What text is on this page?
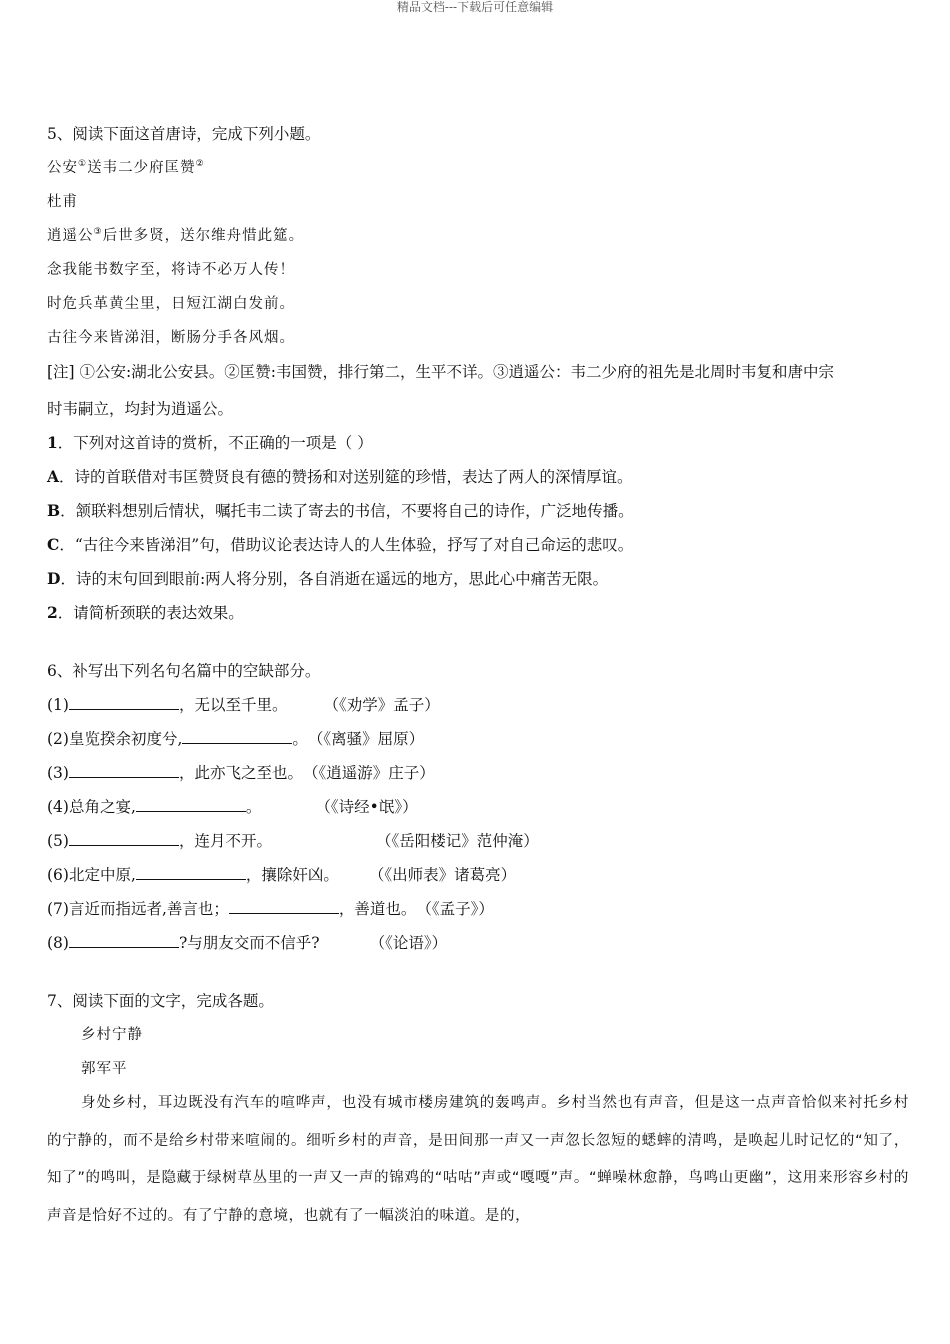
精品文档---下载后可任意编辑

5、阅读下面这首唐诗，完成下列小题。

公安①送韦二少府匡赞②

杜甫

逍遥公③后世多贤，送尔维舟惜此筵。

念我能书数字至，将诗不必万人传！

时危兵革黄尘里，日短江湖白发前。

古往今来皆涕泪，断肠分手各风烟。

[注] ①公安:湖北公安县。②匡赞:韦国赞，排行第二，生平不详。③逍遥公：韦二少府的祖先是北周时韦复和唐中宗

时韦嗣立，均封为逍遥公。

1．下列对这首诗的赏析，不正确的一项是（ ）

A．诗的首联借对韦匡赞贤良有德的赞扬和对送别筵的珍惜，表达了两人的深情厚谊。

B．颔联料想别后情状，嘱托韦二读了寄去的书信，不要将自己的诗作，广泛地传播。

C．“古往今来皆涕泪”句，借助议论表达诗人的人生体验，抒写了对自己命运的悲叹。

D．诗的末句回到眼前:两人将分别，各自消逝在遥远的地方，思此心中痛苦无限。

2．请简析颈联的表达效果。

6、补写出下列名句名篇中的空缺部分。

(1)	，无以至千里。 （《劝学》孟子）

(2)皇览揆余初度兮,	。（《离骚》屈原）

(3)	，此亦飞之至也。（《逍遥游》庄子）

(4)总角之宴,	。	（《诗经•氓》）

(5)	，连月不开。	（《岳阳楼记》范仲淹）

(6)北定中原,	，攘除奸凶。 （《出师表》诸葛亮）

(7)言近而指远者,善言也；	，善道也。（《孟子》）

(8)	?与朋友交而不信乎?	（《论语》）

7、阅读下面的文字，完成各题。

乡村宁静

郭军平

身处乡村，耳边既没有汽车的喧哗声，也没有城市楼房建筑的轰鸣声。乡村当然也有声音，但是这一点声音恰似来衬托乡村的宁静的，而不是给乡村带来喧闹的。细听乡村的声音，是田间那一声又一声忽长忽短的蟋蟀的清鸣，是唤起儿时记忆的“知了，知了”的鸣叫，是隐藏于绿树草丛里的一声又一声的锦鸡的“咕咕”声或“嘎嘎”声。“蝉噪林愈静，鸟鸣山更幽”，这用来形容乡村的声音是恰好不过的。有了宁静的意境，也就有了一幅淡泊的味道。是的，
